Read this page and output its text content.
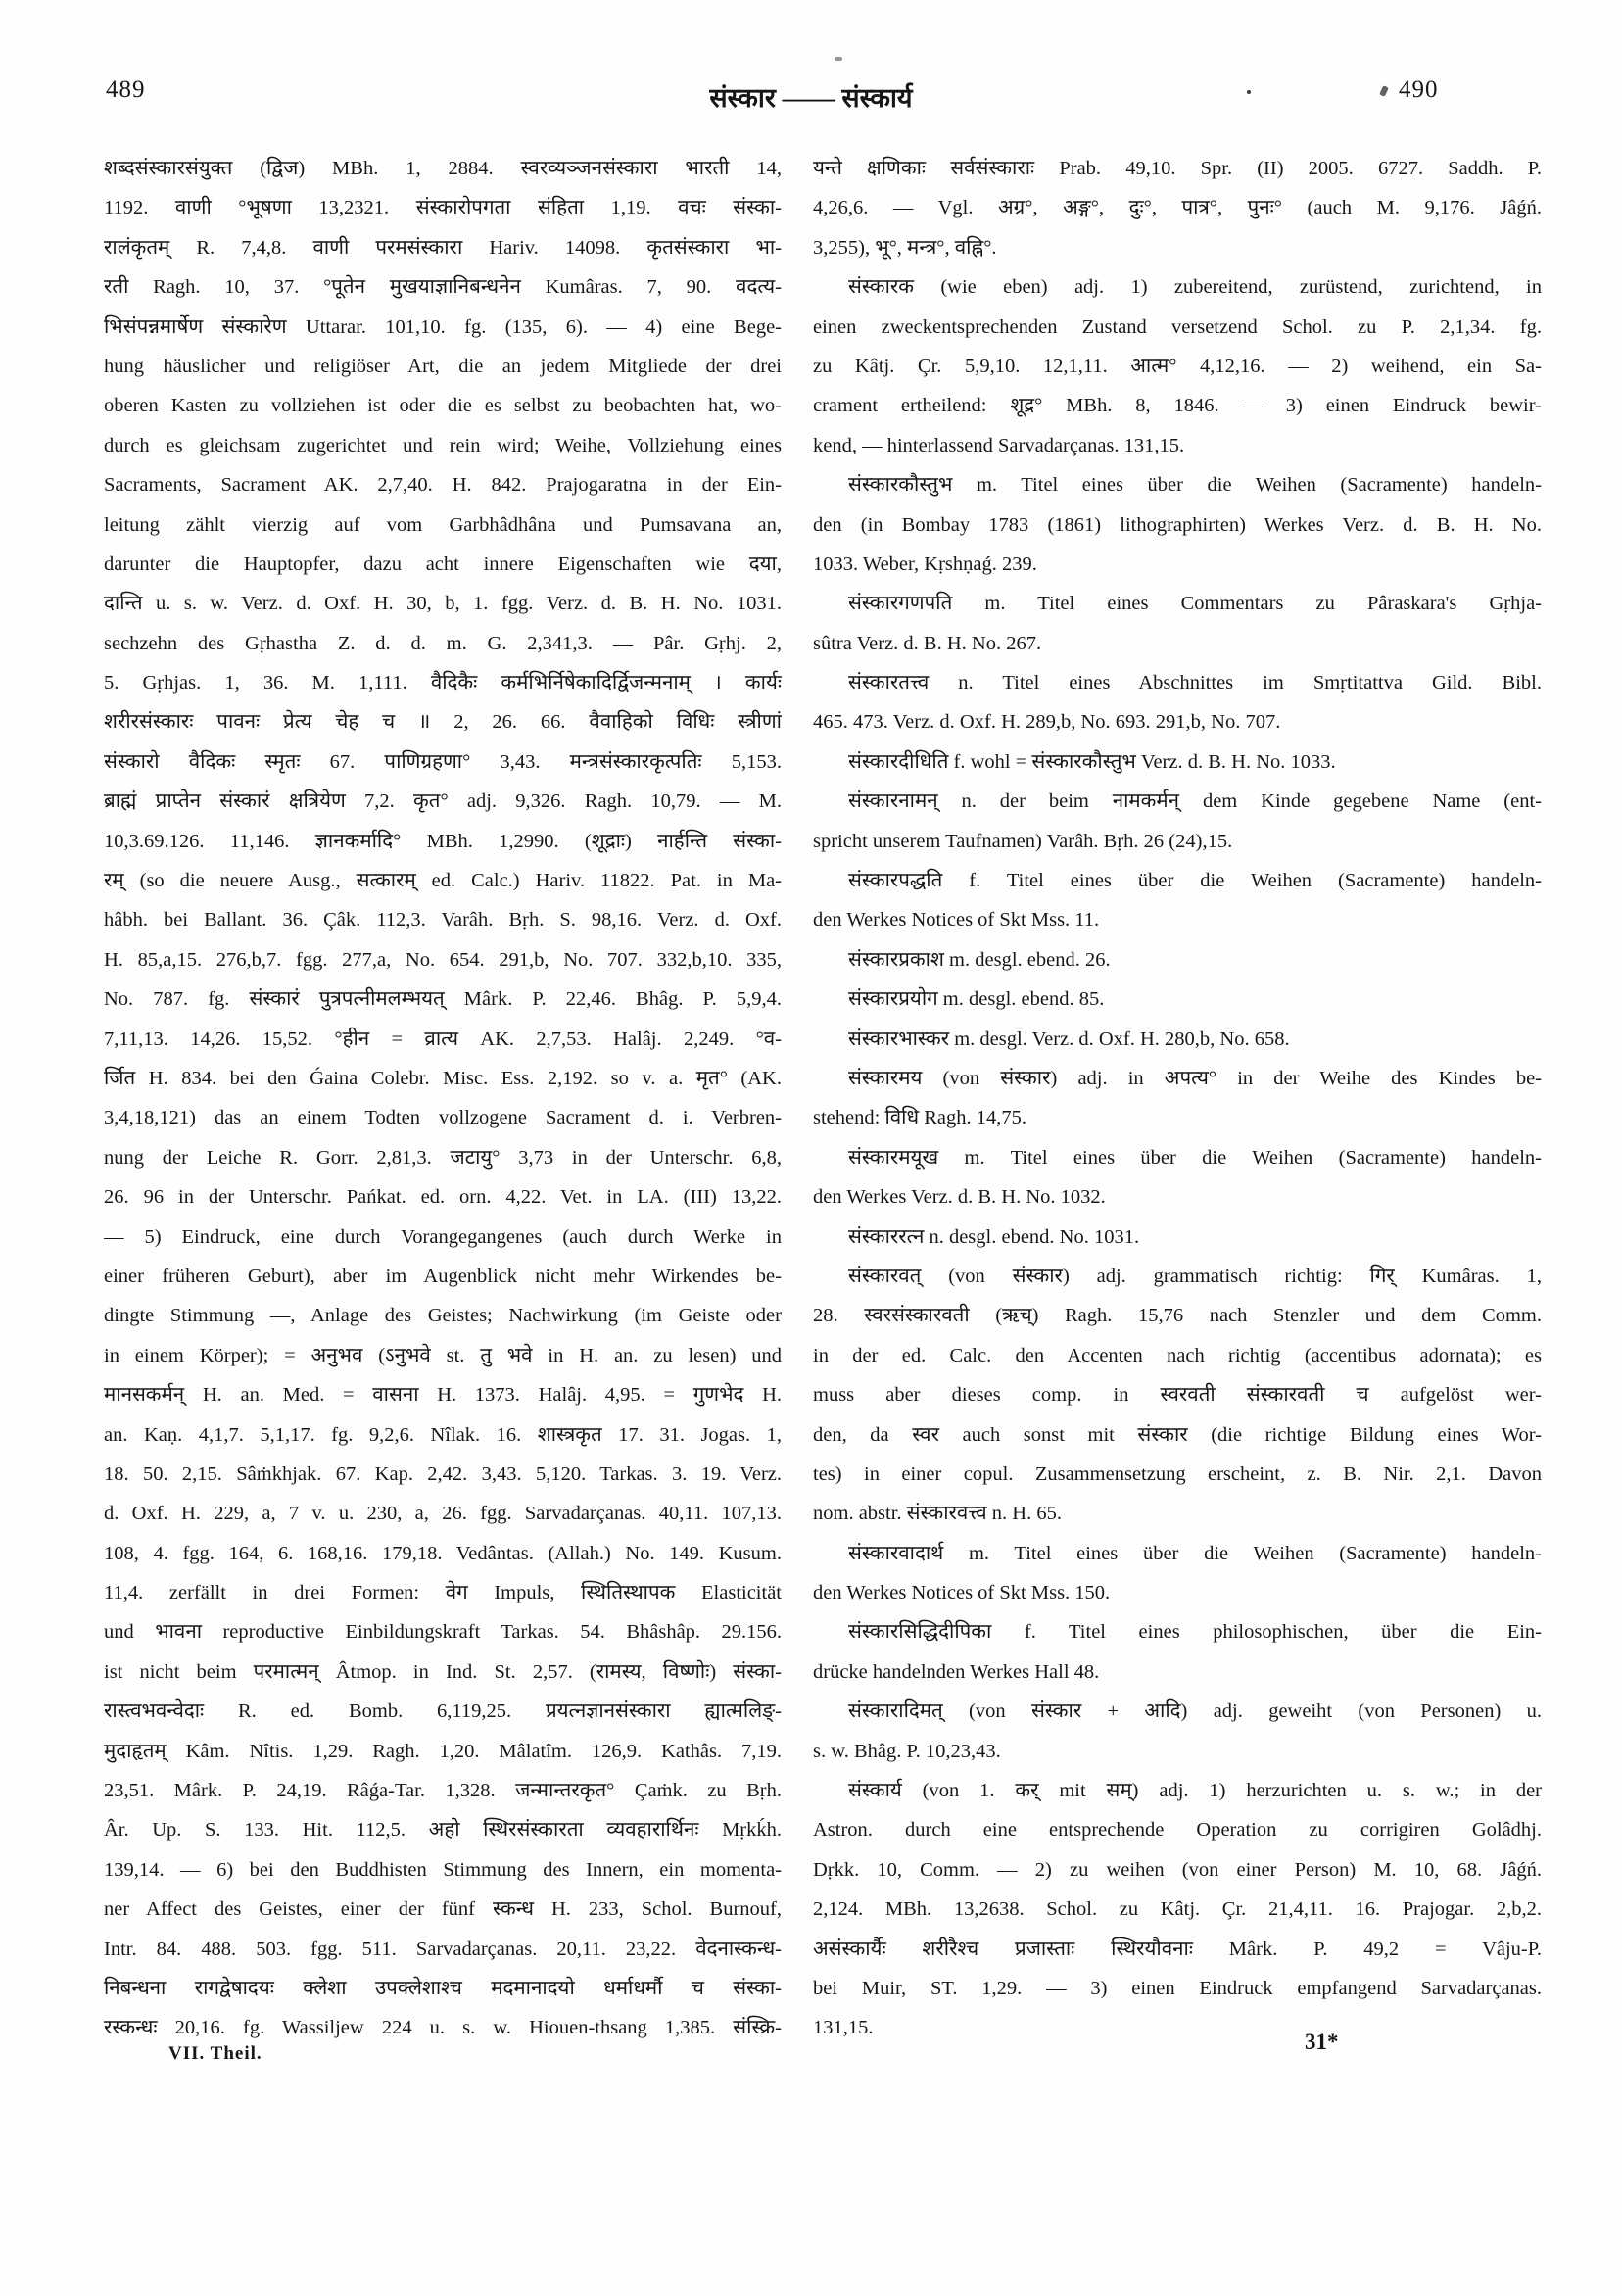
489	संस्कार —— संस्कार्य	490
शब्दसंस्कारसंयुक्त (द्विज) MBh. 1, 2884. स्वरव्यञ्जनसंस्कारा भारती 14,
1192. वाणी °भूषणा 13,2321. संस्कारोपगता संहिता 1,19. वचः संस्का-
रालंकृतम् R. 7,4,8. वाणी परमसंस्कारा Hariv. 14098. कृतसंस्कारा भा-
रती Ragh. 10, 37. °पूतेन मुखयाज्ञानिबन्धनेन Kumâras. 7, 90. वदत्य-
भिसंपन्नमार्षेण संस्कारेण Uttarar. 101,10. fg. (135, 6). — 4) eine Bege-
hung häuslicher und religiöser Art, die an jedem Mitgliede der drei
oberen Kasten zu vollziehen ist oder die es selbst zu beobachten hat, wo-
durch es gleichsam zugerichtet und rein wird; Weihe, Vollziehung eines
Sacraments, Sacrament AK. 2,7,40. H. 842. Prajogaratna in der Ein-
leitung zählt vierzig auf vom Garbhâdhâna und Pumsavana an,
darunter die Hauptopfer, dazu acht innere Eigenschaften wie दया,
दान्ति u. s. w. Verz. d. Oxf. H. 30, b, 1. fgg. Verz. d. B. H. No. 1031.
sechzehn des Gṛhastha Z. d. d. m. G. 2,341,3. — Pâr. Gṛhj. 2,
5. Gṛhjas. 1, 36. M. 1,111. वैदिकैः कर्मभिर्निषेकादिर्द्विजन्मनाम् । कार्यः
शरीरसंस्कारः पावनः प्रेत्य चेह च ॥ 2, 26. 66. वैवाहिको विधिः स्त्रीणां
संस्कारो वैदिकः स्मृतः 67. पाणिग्रहणा° 3,43. मन्त्रसंस्कारकृत्पतिः 5,153.
ब्राह्मं प्राप्तेन संस्कारं क्षत्रियेण 7,2. कृत° adj. 9,326. Ragh. 10,79. — M.
10,3.69.126. 11,146. ज्ञानकर्मादि° MBh. 1,2990. (शूद्राः) नार्हन्ति संस्का-
रम् (so die neuere Ausg., सत्कारम् ed. Calc.) Hariv. 11822. Pat. in Ma-
hâbh. bei Ballant. 36. Çâk. 112,3. Varâh. Bṛh. S. 98,16. Verz. d. Oxf.
H. 85,a,15. 276,b,7. fgg. 277,a, No. 654. 291,b, No. 707. 332,b,10. 335,
No. 787. fg. संस्कारं पुत्रपत्नीमलम्भयत् Mârk. P. 22,46. Bhâg. P. 5,9,4.
7,11,13. 14,26. 15,52. °हीन = व्रात्य AK. 2,7,53. Halâj. 2,249. °व-
र्जित H. 834. bei den Ǵaina Colebr. Misc. Ess. 2,192. so v. a. मृत° (AK.
3,4,18,121) das an einem Todten vollzogene Sacrament d. i. Verbren-
nung der Leiche R. Gorr. 2,81,3. जटायु° 3,73 in der Unterschr. 6,8,
26. 96 in der Unterschr. Pańkat. ed. orn. 4,22. Vet. in LA. (III) 13,22.
— 5) Eindruck, eine durch Vorangegangenes (auch durch Werke in
einer früheren Geburt), aber im Augenblick nicht mehr Wirkendes be-
dingte Stimmung —, Anlage des Geistes; Nachwirkung (im Geiste oder
in einem Körper); = अनुभव (ऽनुभवे st. तु भवे in H. an. zu lesen) und
मानसकर्मन् H. an. Med. = वासना H. 1373. Halâj. 4,95. = गुणभेद H.
an. Kaṇ. 4,1,7. 5,1,17. fg. 9,2,6. Nîlak. 16. शास्त्रकृत 17. 31. Jogas. 1,
18. 50. 2,15. Sâṁkhjak. 67. Kap. 2,42. 3,43. 5,120. Tarkas. 3. 19. Verz.
d. Oxf. H. 229, a, 7 v. u. 230, a, 26. fgg. Sarvadarçanas. 40,11. 107,13.
108, 4. fgg. 164, 6. 168,16. 179,18. Vedântas. (Allah.) No. 149. Kusum.
11,4. zerfällt in drei Formen: वेग Impuls, स्थितिस्थापक Elasticität
und भावना reproductive Einbildungskraft Tarkas. 54. Bhâshâp. 29.156.
ist nicht beim परमात्मन् Âtmop. in Ind. St. 2,57. (रामस्य, विष्णोः) संस्का-
रास्त्वभवन्वेदाः R. ed. Bomb. 6,119,25. प्रयत्नज्ञानसंस्कारा ह्यात्मलिङ्-
मुदाहृतम् Kâm. Nîtis. 1,29. Ragh. 1,20. Mâlatîm. 126,9. Kathâs. 7,19.
23,51. Mârk. P. 24,19. Râǵa-Tar. 1,328. जन्मान्तरकृत° Çaṁk. zu Bṛh.
Âr. Up. S. 133. Hit. 112,5. अहो स्थिरसंस्कारता व्यवहारार्थिनः Mṛkḱh.
139,14. — 6) bei den Buddhisten Stimmung des Innern, ein momenta-
ner Affect des Geistes, einer der fünf स्कन्ध H. 233, Schol. Burnouf,
Intr. 84. 488. 503. fgg. 511. Sarvadarçanas. 20,11. 23,22. वेदनास्कन्ध-
निबन्धना रागद्वेषादयः क्लेशा उपक्लेशाश्च मदमानादयो धर्माधर्मौ च संस्का-
रस्कन्धः 20,16. fg. Wassiljew 224 u. s. w. Hiouen-thsang 1,385. संस्क्रि-
यन्ते क्षणिकाः सर्वसंस्काराः Prab. 49,10. Spr. (II) 2005. 6727. Saddh. P.
4,26,6. — Vgl. अग्र°, अङ्ग°, दुः°, पात्र°, पुनः° (auch M. 9,176. Jâǵń.
3,255), भू°, मन्त्र°, वह्नि°.
संस्कारक (wie eben) adj. 1) zubereitend, zurüstend, zurichtend, in
einen zweckentsprechenden Zustand versetzend Schol. zu P. 2,1,34. fg.
zu Kâtj. Çr. 5,9,10. 12,1,11. आत्म° 4,12,16. — 2) weihend, ein Sa-
crament ertheilend: शूद्र° MBh. 8, 1846. — 3) einen Eindruck bewir-
kend, — hinterlassend Sarvadarçanas. 131,15.
संस्कारकौस्तुभ m. Titel eines über die Weihen (Sacramente) handeln-
den (in Bombay 1783 (1861) lithographirten) Werkes Verz. d. B. H. No.
1033. Weber, Kṛshṇaǵ. 239.
संस्कारगणपति m. Titel eines Commentars zu Pâraskara's Gṛhja-
sûtra Verz. d. B. H. No. 267.
संस्कारतत्त्व n. Titel eines Abschnittes im Smṛtitattva Gild. Bibl.
465. 473. Verz. d. Oxf. H. 289,b, No. 693. 291,b, No. 707.
संस्कारदीधिति f. wohl = संस्कारकौस्तुभ Verz. d. B. H. No. 1033.
संस्कारनामन् n. der beim नामकर्मन् dem Kinde gegebene Name (ent-
spricht unserem Taufnamen) Varâh. Bṛh. 26 (24),15.
संस्कारपद्धति f. Titel eines über die Weihen (Sacramente) handeln-
den Werkes Notices of Skt Mss. 11.
संस्कारप्रकाश m. desgl. ebend. 26.
संस्कारप्रयोग m. desgl. ebend. 85.
संस्कारभास्कर m. desgl. Verz. d. Oxf. H. 280,b, No. 658.
संस्कारमय (von संस्कार) adj. in अपत्य° in der Weihe des Kindes be-
stehend: विधि Ragh. 14,75.
संस्कारमयूख m. Titel eines über die Weihen (Sacramente) handeln-
den Werkes Verz. d. B. H. No. 1032.
संस्काररत्न n. desgl. ebend. No. 1031.
संस्कारवत् (von संस्कार) adj. grammatisch richtig: गिर् Kumâras. 1,
28. स्वरसंस्कारवती (ऋच्) Ragh. 15,76 nach Stenzler und dem Comm.
in der ed. Calc. den Accenten nach richtig (accentibus adornata); es
muss aber dieses comp. in स्वरवती संस्कारवती च aufgelöst wer-
den, da स्वर auch sonst mit संस्कार (die richtige Bildung eines Wor-
tes) in einer copul. Zusammensetzung erscheint, z. B. Nir. 2,1. Davon
nom. abstr. संस्कारवत्त्व n. H. 65.
संस्कारवादार्थ m. Titel eines über die Weihen (Sacramente) handeln-
den Werkes Notices of Skt Mss. 150.
संस्कारसिद्धिदीपिका f. Titel eines philosophischen, über die Ein-
drücke handelnden Werkes Hall 48.
संस्कारादिमत् (von संस्कार + आदि) adj. geweiht (von Personen) u.
s. w. Bhâg. P. 10,23,43.
संस्कार्य (von 1. कर् mit सम्) adj. 1) herzurichten u. s. w.; in der
Astron. durch eine entsprechende Operation zu corrigiren Golâdhj.
Dṛkk. 10, Comm. — 2) zu weihen (von einer Person) M. 10, 68. Jâǵń.
2,124. MBh. 13,2638. Schol. zu Kâtj. Çr. 21,4,11. 16. Prajogar. 2,b,2.
असंस्कार्यैः शरीरैश्च प्रजास्ताः स्थिरयौवनाः Mârk. P. 49,2 = Vâju-P.
bei Muir, ST. 1,29. — 3) einen Eindruck empfangend Sarvadarçanas.
131,15.
VII. Theil.	31*
